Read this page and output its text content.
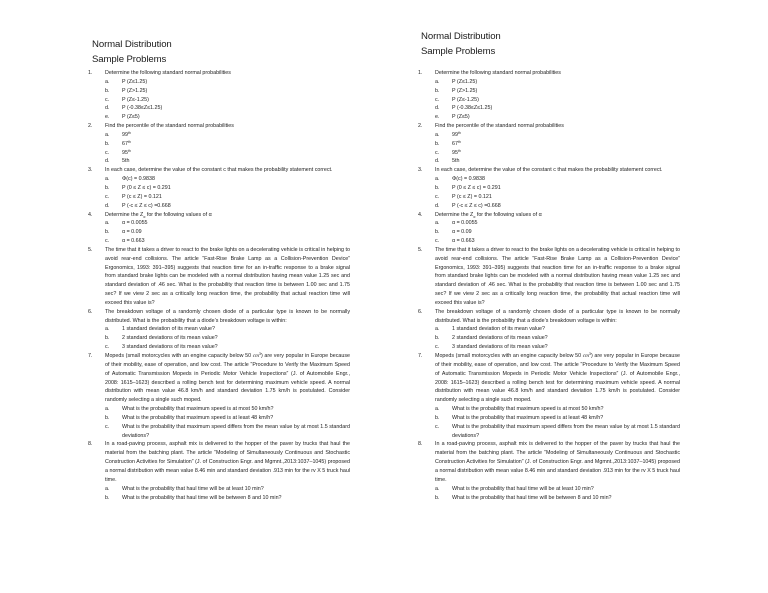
Normal Distribution
Sample Problems
1. Determine the following standard normal probabilities
a. P (Z≤1.25)
b. P (Z>1.25)
c. P (Z≤-1.25)
d. P (-0.38≤Z≤1.25)
e. P (Z≤5)
2. Find the percentile of the standard normal probabilities
a. 99th
b. 67th
c. 95th
d. 5th
3. In each case, determine the value of the constant c that makes the probability statement correct.
a. Φ(c) = 0.9838
b. P (0 ≤ Z ≤ c) = 0.291
c. P (c ≤ Z) = 0.121
d. P (-c ≤ Z ≤ c) =0.668
4. Determine the Zα for the following values of α
a. α = 0.0055
b. α = 0.09
c. α = 0.663
5. The time that it takes a driver to react to the brake lights on a decelerating vehicle is critical in helping to avoid rear-end collisions. The article “Fast-Rise Brake Lamp as a Collision-Prevention Device” Ergonomics, 1993: 391–395) suggests that reaction time for an in-traffic response to a brake signal from standard brake lights can be modeled with a normal distribution having mean value 1.25 sec and standard deviation of .46 sec. What is the probability that reaction time is between 1.00 sec and 1.75 sec? If we view 2 sec as a critically long reaction time, the probability that actual reaction time will exceed this value is?
6. The breakdown voltage of a randomly chosen diode of a particular type is known to be normally distributed. What is the probability that a diode’s breakdown voltage is within:
a. 1 standard deviation of its mean value?
b. 2 standard deviations of its mean value?
c. 3 standard deviations of its mean value?
7. Mopeds (small motorcycles with an engine capacity below 50 $cm^3$) are very popular in Europe because of their mobility, ease of operation, and low cost. The article “Procedure to Verify the Maximum Speed of Automatic Transmission Mopeds in Periodic Motor Vehicle Inspections” (J. of Automobile Engr., 2008: 1615–1623) described a rolling bench test for determining maximum vehicle speed. A normal distribution with mean value 46.8 km/h and standard deviation 1.75 km/h is postulated. Consider randomly selecting a single such moped.
a. What is the probability that maximum speed is at most 50 km/h?
b. What is the probability that maximum speed is at least 48 km/h?
c. What is the probability that maximum speed differs from the mean value by at most 1.5 standard deviations?
8. In a road-paving process, asphalt mix is delivered to the hopper of the paver by trucks that haul the material from the batching plant. The article “Modeling of Simultaneously Continuous and Stochastic Construction Activities for Simulation” (J. of Construction Engr. and Mgmnt.,2013:1037–1045) proposed a normal distribution with mean value 8.46 min and standard deviation .913 min for the rv X 5 truck haul time.
a. What is the probability that haul time will be at least 10 min?
b. What is the probability that haul time will be between 8 and 10 min?
Normal Distribution
Sample Problems
1. Determine the following standard normal probabilities
a. P (Z≤1.25)
b. P (Z>1.25)
c. P (Z≤-1.25)
d. P (-0.38≤Z≤1.25)
e. P (Z≤5)
2. Find the percentile of the standard normal probabilities
a. 99th
b. 67th
c. 95th
d. 5th
3. In each case, determine the value of the constant c that makes the probability statement correct.
a. Φ(c) = 0.9838
b. P (0 ≤ Z ≤ c) = 0.291
c. P (c ≤ Z) = 0.121
d. P (-c ≤ Z ≤ c) =0.668
4. Determine the Zα for the following values of α
a. α = 0.0055
b. α = 0.09
c. α = 0.663
5. The time that it takes a driver to react to the brake lights on a decelerating vehicle is critical in helping to avoid rear-end collisions. The article “Fast-Rise Brake Lamp as a Collision-Prevention Device” Ergonomics, 1993: 391–395) suggests that reaction time for an in-traffic response to a brake signal from standard brake lights can be modeled with a normal distribution having mean value 1.25 sec and standard deviation of .46 sec. What is the probability that reaction time is between 1.00 sec and 1.75 sec? If we view 2 sec as a critically long reaction time, the probability that actual reaction time will exceed this value is?
6. The breakdown voltage of a randomly chosen diode of a particular type is known to be normally distributed. What is the probability that a diode’s breakdown voltage is within:
a. 1 standard deviation of its mean value?
b. 2 standard deviations of its mean value?
c. 3 standard deviations of its mean value?
7. Mopeds (small motorcycles with an engine capacity below 50 $cm^3$) are very popular in Europe because of their mobility, ease of operation, and low cost. The article “Procedure to Verify the Maximum Speed of Automatic Transmission Mopeds in Periodic Motor Vehicle Inspections” (J. of Automobile Engr., 2008: 1615–1623) described a rolling bench test for determining maximum vehicle speed. A normal distribution with mean value 46.8 km/h and standard deviation 1.75 km/h is postulated. Consider randomly selecting a single such moped.
a. What is the probability that maximum speed is at most 50 km/h?
b. What is the probability that maximum speed is at least 48 km/h?
c. What is the probability that maximum speed differs from the mean value by at most 1.5 standard deviations?
8. In a road-paving process, asphalt mix is delivered to the hopper of the paver by trucks that haul the material from the batching plant. The article “Modeling of Simultaneously Continuous and Stochastic Construction Activities for Simulation” (J. of Construction Engr. and Mgmnt.,2013:1037–1045) proposed a normal distribution with mean value 8.46 min and standard deviation .913 min for the rv X 5 truck haul time.
a. What is the probability that haul time will be at least 10 min?
b. What is the probability that haul time will be between 8 and 10 min?
